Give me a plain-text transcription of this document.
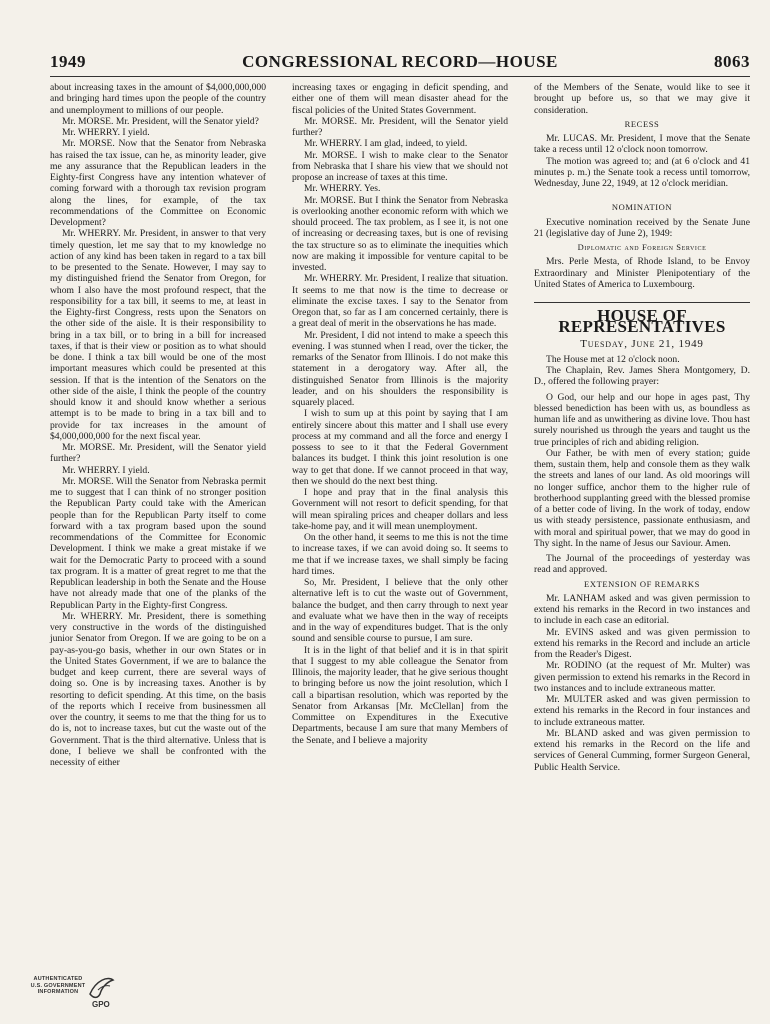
1949	CONGRESSIONAL RECORD—HOUSE	8063

about increasing taxes in the amount of $4,000,000,000 and bringing hard times upon the people of the country and unemployment to millions of our people.

Mr. MORSE. Mr. President, will the Senator yield?

Mr. WHERRY. I yield.

Mr. MORSE. Now that the Senator from Nebraska has raised the tax issue, can he, as minority leader, give me any assurance that the Republican leaders in the Eighty-first Congress have any intention whatever of coming forward with a thorough tax revision program along the lines, for example, of the tax recommendations of the Committee on Economic Development?

Mr. WHERRY. Mr. President, in answer to that very timely question, let me say that to my knowledge no action of any kind has been taken in regard to a tax bill to be presented to the Senate. However, I may say to my distinguished friend the Senator from Oregon, for whom I also have the most profound respect, that the responsibility for a tax bill, it seems to me, at least in the Eighty-first Congress, rests upon the Senators on the other side of the aisle. It is their responsibility to bring in a tax bill, or to bring in a bill for increased taxes, if that is their view or position as to what should be done. I think a tax bill would be one of the most important measures which could be presented at this session. If that is the intention of the Senators on the other side of the aisle, I think the people of the country should know it and should know whether a serious attempt is to be made to bring in a tax bill and to provide for tax increases in the amount of $4,000,000,000 for the next fiscal year.

Mr. MORSE. Mr. President, will the Senator yield further?

Mr. WHERRY. I yield.

Mr. MORSE. Will the Senator from Nebraska permit me to suggest that I can think of no stronger position the Republican Party could take with the American people than for the Republican Party itself to come forward with a tax program based upon the sound recommendations of the Committee for Economic Development. I think we make a great mistake if we wait for the Democratic Party to proceed with a sound tax program. It is a matter of great regret to me that the Republican leadership in both the Senate and the House have not already made that one of the planks of the Republican Party in the Eighty-first Congress.

Mr. WHERRY. Mr. President, there is something very constructive in the words of the distinguished junior Senator from Oregon. If we are going to be on a pay-as-you-go basis, whether in our own States or in the United States Government, if we are to balance the budget and keep current, there are several ways of doing so. One is by increasing taxes. Another is by resorting to deficit spending. At this time, on the basis of the reports which I receive from businessmen all over the country, it seems to me that the thing for us to do is, not to increase taxes, but cut the waste out of the Government. That is the third alternative. Unless that is done, I believe we shall be confronted with the necessity of either

increasing taxes or engaging in deficit spending, and either one of them will mean disaster ahead for the fiscal policies of the United States Government.

Mr. MORSE. Mr. President, will the Senator yield further?

Mr. WHERRY. I am glad, indeed, to yield.

Mr. MORSE. I wish to make clear to the Senator from Nebraska that I share his view that we should not propose an increase of taxes at this time.

Mr. WHERRY. Yes.

Mr. MORSE. But I think the Senator from Nebraska is overlooking another economic reform with which we should proceed. The tax problem, as I see it, is not one of increasing or decreasing taxes, but is one of revising the tax structure so as to eliminate the inequities which now are making it impossible for venture capital to be invested.

Mr. WHERRY. Mr. President, I realize that situation. It seems to me that now is the time to decrease or eliminate the excise taxes. I say to the Senator from Oregon that, so far as I am concerned certainly, there is a great deal of merit in the observations he has made.

Mr. President, I did not intend to make a speech this evening. I was stunned when I read, over the ticker, the remarks of the Senator from Illinois. I do not make this statement in a derogatory way. After all, the distinguished Senator from Illinois is the majority leader, and on his shoulders the responsibility is squarely placed.

I wish to sum up at this point by saying that I am entirely sincere about this matter and I shall use every process at my command and all the force and energy I possess to see to it that the Federal Government balances its budget. I think this joint resolution is one way to get that done. If we cannot proceed in that way, then we should do the next best thing.

I hope and pray that in the final analysis this Government will not resort to deficit spending, for that will mean spiraling prices and cheaper dollars and less take-home pay, and it will mean unemployment.

On the other hand, it seems to me this is not the time to increase taxes, if we can avoid doing so. It seems to me that if we increase taxes, we shall simply be facing hard times.

So, Mr. President, I believe that the only other alternative left is to cut the waste out of Government, balance the budget, and then carry through to next year and evaluate what we have then in the way of receipts and in the way of expenditures budget. That is the only sound and sensible course to pursue, I am sure.

It is in the light of that belief and it is in that spirit that I suggest to my able colleague the Senator from Illinois, the majority leader, that he give serious thought to bringing before us now the joint resolution, which I call a bipartisan resolution, which was reported by the Senator from Arkansas [Mr. McClellan] from the Committee on Expenditures in the Executive Departments, because I am sure that many Members of the Senate, and I believe a majority

of the Members of the Senate, would like to see it brought up before us, so that we may give it consideration.

RECESS

Mr. LUCAS. Mr. President, I move that the Senate take a recess until 12 o'clock noon tomorrow.

The motion was agreed to; and (at 6 o'clock and 41 minutes p. m.) the Senate took a recess until tomorrow, Wednesday, June 22, 1949, at 12 o'clock meridian.

NOMINATION

Executive nomination received by the Senate June 21 (legislative day of June 2), 1949:

Diplomatic and Foreign Service

Mrs. Perle Mesta, of Rhode Island, to be Envoy Extraordinary and Minister Plenipotentiary of the United States of America to Luxembourg.

HOUSE OF REPRESENTATIVES
Tuesday, June 21, 1949

The House met at 12 o'clock noon.

The Chaplain, Rev. James Shera Montgomery, D. D., offered the following prayer:

O God, our help and our hope in ages past, Thy blessed benediction has been with us, as boundless as human life and as unwithering as divine love. Thou hast surely nourished us through the years and taught us the true principles of rich and abiding religion.

Our Father, be with men of every station; guide them, sustain them, help and console them as they walk the streets and lanes of our land. As old moorings will no longer suffice, anchor them to the higher rule of brotherhood supplanting greed with the blessed promise of a better code of living. In the work of today, endow us with steady persistence, passionate enthusiasm, and with moral and spiritual power, that we may do good in Thy sight. In the name of Jesus our Saviour. Amen.

The Journal of the proceedings of yesterday was read and approved.

EXTENSION OF REMARKS

Mr. LANHAM asked and was given permission to extend his remarks in the Record in two instances and to include in each case an editorial.

Mr. EVINS asked and was given permission to extend his remarks in the Record and include an article from the Reader's Digest.

Mr. RODINO (at the request of Mr. Multer) was given permission to extend his remarks in the Record in two instances and to include extraneous matter.

Mr. MULTER asked and was given permission to extend his remarks in the Record in four instances and to include extraneous matter.

Mr. BLAND asked and was given permission to extend his remarks in the Record on the life and services of General Cumming, former Surgeon General, Public Health Service.

AUTHENTICATED U.S. GOVERNMENT INFORMATION
GPO
